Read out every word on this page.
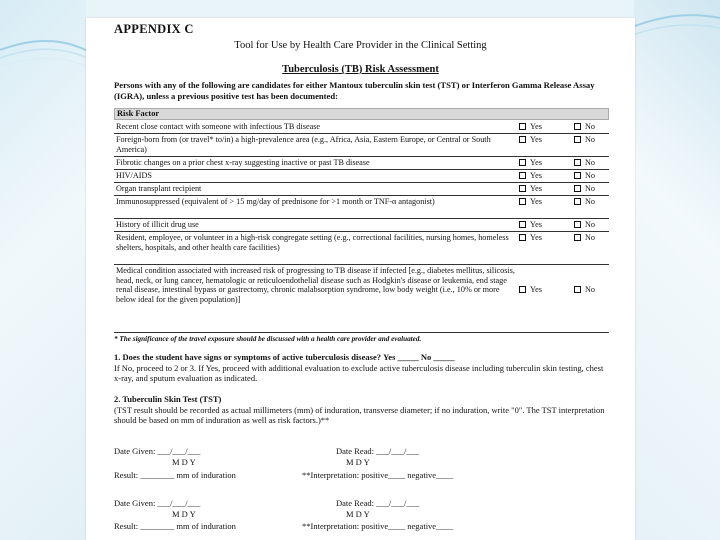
APPENDIX C
Tool for Use by Health Care Provider in the Clinical Setting
Tuberculosis (TB) Risk Assessment
Persons with any of the following are candidates for either Mantoux tuberculin skin test (TST) or Interferon Gamma Release Assay (IGRA), unless a previous positive test has been documented:
Risk Factor
Recent close contact with someone with infectious TB disease	Yes	No
Foreign-born from (or travel* to/in) a high-prevalence area (e.g., Africa, Asia, Eastern Europe, or Central or South America)
Yes	No
Fibrotic changes on a prior chest x-ray suggesting inactive or past TB disease	Yes	No
HIV/AIDS	Yes	No
Organ transplant recipient	Yes	No
Immunosuppressed (equivalent of > 15 mg/day of prednisone for >1 month or TNF-α antagonist)	Yes	No
History of illicit drug use	Yes	No
Resident, employee, or volunteer in a high-risk congregate setting (e.g., correctional facilities, nursing homes, homeless shelters, hospitals, and other health care facilities)
Yes	No
Medical condition associated with increased risk of progressing to TB disease if infected [e.g., diabetes mellitus, silicosis, head, neck, or lung cancer, hematologic or reticuloendothelial disease such as Hodgkin's disease or leukemia, end stage renal disease, intestinal bypass or gastrectomy, chronic malabsorption syndrome, low body weight (i.e., 10% or more below ideal for the given population)]
Yes	No
* The significance of the travel exposure should be discussed with a health care provider and evaluated.
1. Does the student have signs or symptoms of active tuberculosis disease? Yes _____ No _____
If No, proceed to 2 or 3. If Yes, proceed with additional evaluation to exclude active tuberculosis disease including tuberculin skin testing, chest x-ray, and sputum evaluation as indicated.
2. Tuberculin Skin Test (TST)
(TST result should be recorded as actual millimeters (mm) of induration, transverse diameter; if no induration, write "0". The TST interpretation should be based on mm of induration as well as risk factors.)**
Date Given: ___/___/___	Date Read: ___/___/___
M D Y	M D Y
Result: ________ mm of induration	**Interpretation: positive____ negative____
Date Given: ___/___/___	Date Read: ___/___/___
M D Y	M D Y
Result: ________ mm of induration	**Interpretation: positive____ negative____
